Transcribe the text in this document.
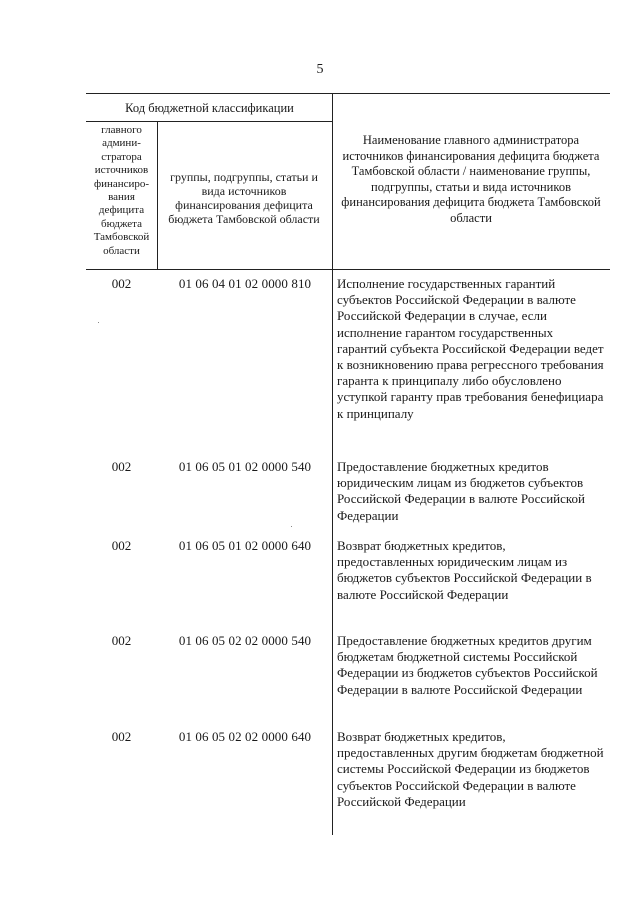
5
Код бюджетной классификации
главного админи-стратора источников финансиро-вания дефицита бюджета Тамбовской области
группы, подгруппы, статьи и вида источников финансирования дефицита бюджета Тамбовской области
Наименование главного администратора источников финансирования дефицита бюджета Тамбовской области / наименование группы, подгруппы, статьи и вида источников финансирования дефицита бюджета Тамбовской области
002	01 06 04 01 02 0000 810	Исполнение государственных гарантий субъектов Российской Федерации в валюте Российской Федерации в случае, если исполнение гарантом государственных гарантий субъекта Российской Федерации ведет к возникновению права регрессного требования гаранта к принципалу либо обусловлено уступкой гаранту прав требования бенефициара к принципалу
002	01 06 05 01 02 0000 540	Предоставление бюджетных кредитов юридическим лицам из бюджетов субъектов Российской Федерации в валюте Российской Федерации
002	01 06 05 01 02 0000 640	Возврат бюджетных кредитов, предоставленных юридическим лицам из бюджетов субъектов Российской Федерации в валюте Российской Федерации
002	01 06 05 02 02 0000 540	Предоставление бюджетных кредитов другим бюджетам бюджетной системы Российской Федерации из бюджетов субъектов Российской Федерации в валюте Российской Федерации
002	01 06 05 02 02 0000 640	Возврат бюджетных кредитов, предоставленных другим бюджетам бюджетной системы Российской Федерации из бюджетов субъектов Российской Федерации в валюте Российской Федерации
